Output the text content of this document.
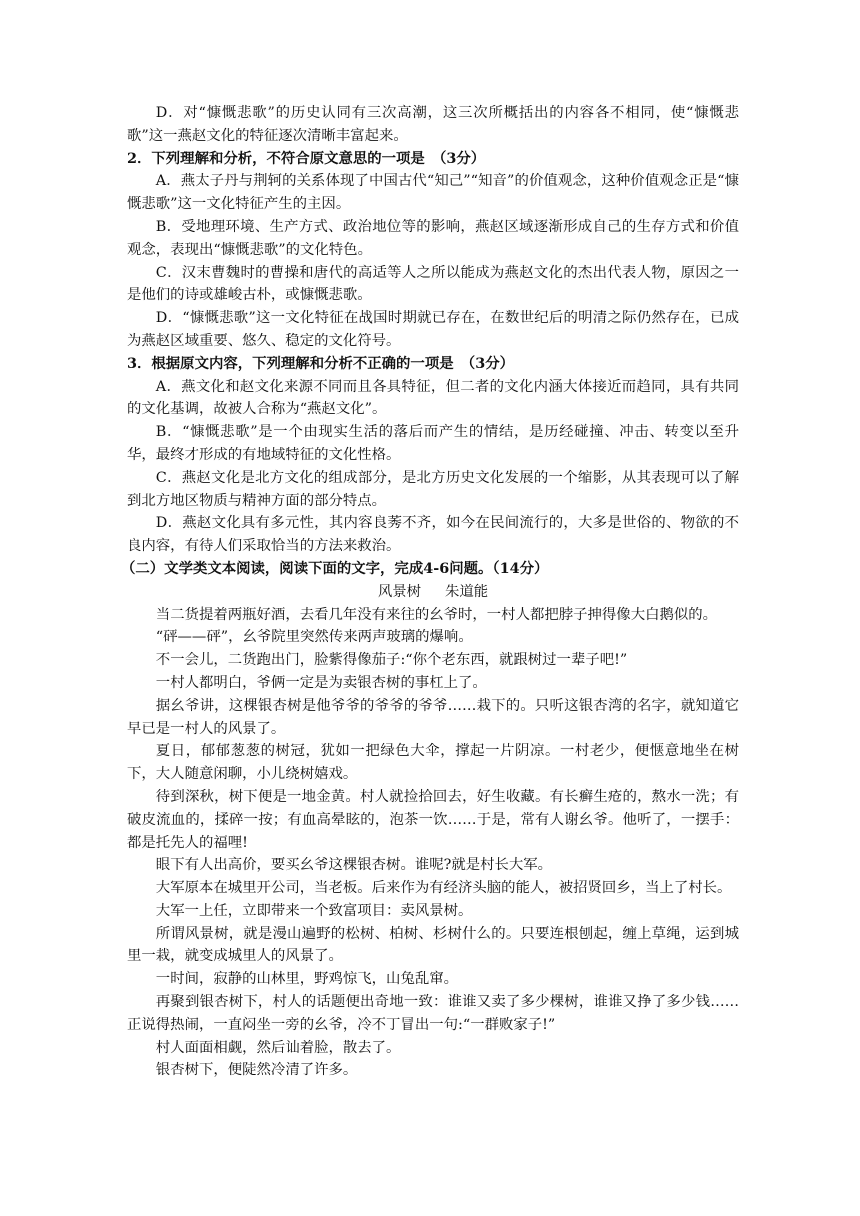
D．对“慷慨悲歌”的历史认同有三次高潮，这三次所概括出的内容各不相同，使“慷慨悲歌”这一燕赵文化的特征逐次清晰丰富起来。

2．下列理解和分析，不符合原文意思的一项是　（3分）

A．燕太子丹与荆轲的关系体现了中国古代“知己”“知音”的价值观念，这种价值观念正是“慷慨悲歌”这一文化特征产生的主因。

B．受地理环境、生产方式、政治地位等的影响，燕赵区域逐渐形成自己的生存方式和价值观念，表现出“慷慨悲歌”的文化特色。

C．汉末曹魏时的曹操和唐代的高适等人之所以能成为燕赵文化的杰出代表人物，原因之一是他们的诗或雄峻古朴，或慷慨悲歌。

D．“慷慨悲歌”这一文化特征在战国时期就已存在，在数世纪后的明清之际仍然存在，已成为燕赵区域重要、悠久、稳定的文化符号。

3．根据原文内容，下列理解和分析不正确的一项是　（3分）

A．燕文化和赵文化来源不同而且各具特征，但二者的文化内涵大体接近而趋同，具有共同的文化基调，故被人合称为“燕赵文化”。

B．“慷慨悲歌”是一个由现实生活的落后而产生的情结，是历经碰撞、冲击、转变以至升华，最终才形成的有地域特征的文化性格。

C．燕赵文化是北方文化的组成部分，是北方历史文化发展的一个缩影，从其表现可以了解到北方地区物质与精神方面的部分特点。

D．燕赵文化具有多元性，其内容良莠不齐，如今在民间流行的，大多是世俗的、物欲的不良内容，有待人们采取恰当的方法来救治。

（二）文学类文本阅读，阅读下面的文字，完成4-6问题。（14分）

风景树 朱道能

当二货提着两瓶好酒，去看几年没有来往的幺爷时，一村人都把脖子抻得像大白鹅似的。

“砰——砰”，幺爷院里突然传来两声玻璃的爆响。

不一会儿，二货跑出门，脸紫得像茄子:“你个老东西，就跟树过一辈子吧!”

一村人都明白，爷俩一定是为卖银杏树的事杠上了。

据幺爷讲，这棵银杏树是他爷爷的爷爷的爷爷……栽下的。只听这银杏湾的名字，就知道它早已是一村人的风景了。

夏日，郁郁葱葱的树冠，犹如一把绿色大伞，撑起一片阴凉。一村老少，便惬意地坐在树下，大人随意闲聊，小儿绕树嬉戏。

待到深秋，树下便是一地金黄。村人就捡拾回去，好生收藏。有长癣生疮的，熬水一洗；有破皮流血的，揉碎一按；有血高晕眩的，泡茶一饮……于是，常有人谢幺爷。他听了，一摆手：都是托先人的福哩!

眼下有人出高价，要买幺爷这棵银杏树。谁呢?就是村长大军。

大军原本在城里开公司，当老板。后来作为有经济头脑的能人，被招贤回乡，当上了村长。

大军一上任，立即带来一个致富项目：卖风景树。

所谓风景树，就是漫山遍野的松树、柏树、杉树什么的。只要连根刨起，缠上草绳，运到城里一栽，就变成城里人的风景了。

一时间，寂静的山林里，野鸡惊飞，山兔乱窜。

再聚到银杏树下，村人的话题便出奇地一致：谁谁又卖了多少棵树，谁谁又挣了多少钱……正说得热闹，一直闷坐一旁的幺爷，冷不丁冒出一句:“一群败家子!”

村人面面相觑，然后讪着脸，散去了。

银杏树下，便陡然冷清了许多。
